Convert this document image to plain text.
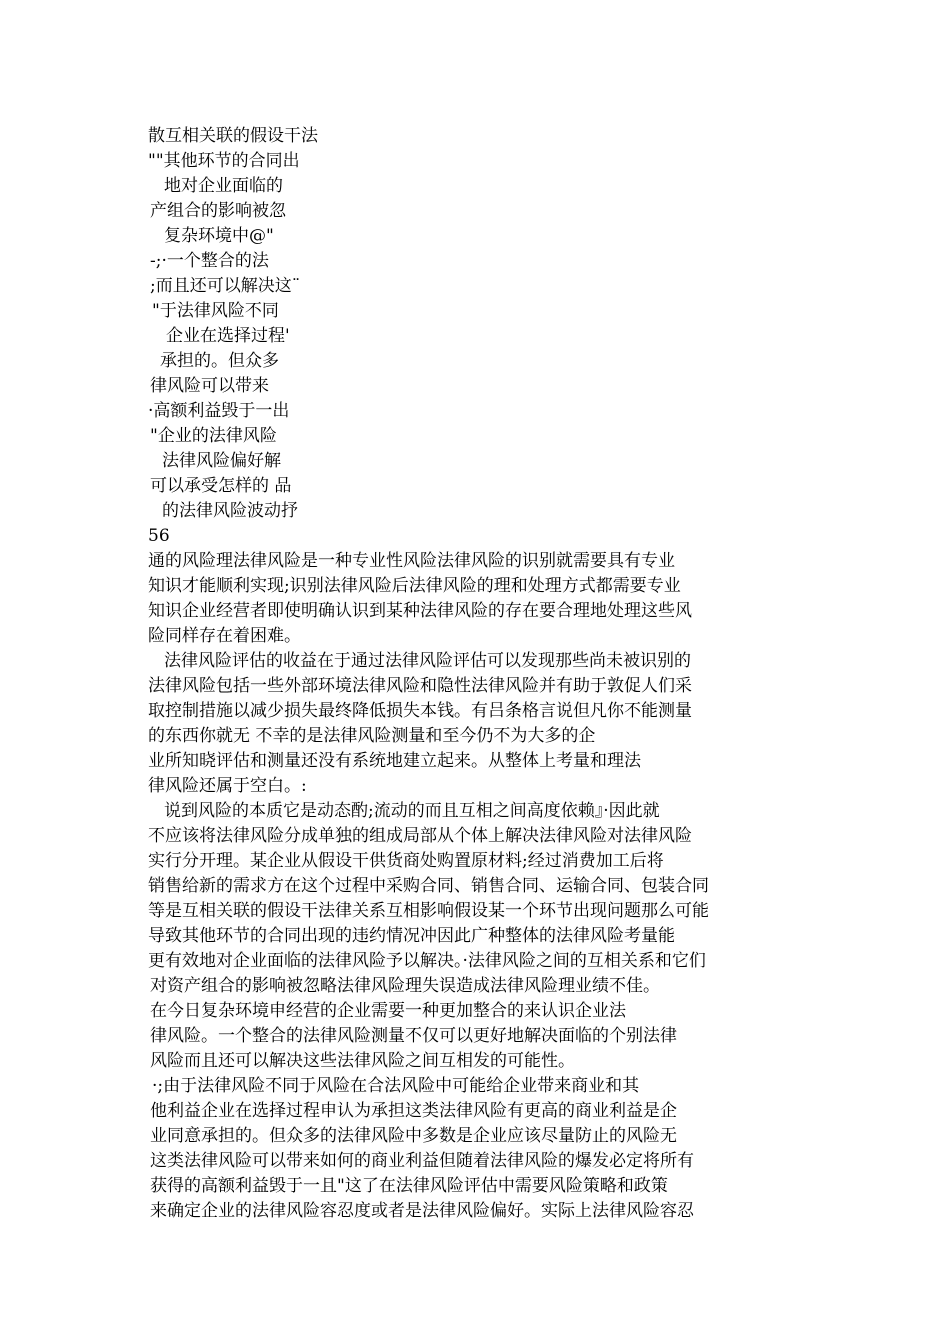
散互相关联的假设干法
""其他环节的合同出
地对企业面临的
产组合的影响被忽
复杂环境中@"
-;·一个整合的法
;而且还可以解决这¨
"于法律风险不同
企业在选择过程'
承担的。但众多
律风险可以带来
·高额利益毁于一出
"企业的法律风险
法律风险偏好解
可以承受怎样的 品
的法律风险波动抒
56
通的风险理法律风险是一种专业性风险法律风险的识别就需要具有专业
知识才能顺利实现;识别法律风险后法律风险的理和处理方式都需要专业
知识企业经营者即使明确认识到某种法律风险的存在要合理地处理这些风
险同样存在着困难。
法律风险评估的收益在于通过法律风险评估可以发现那些尚未被识别的
法律风险包括一些外部环境法律风险和隐性法律风险并有助于敦促人们采
取控制措施以减少损失最终降低损失本钱。有吕条格言说但凡你不能测量
的东西你就无 不幸的是法律风险测量和至今仍不为大多的企
业所知晓评估和测量还没有系统地建立起来。从整体上考量和理法
律风险还属于空白。:
说到风险的本质它是动态酌;流动的而且互相之间高度依赖』·因此就
不应该将法律风险分成单独的组成局部从个体上解决法律风险对法律风险
实行分开理。某企业从假设干供货商处购置原材料;经过消费加工后将
销售给新的需求方在这个过程中采购合同、销售合同、运输合同、包装合同
等是互相关联的假设干法律关系互相影响假设某一个环节出现问题那么可能
导致其他环节的合同出现的违约情况冲因此广种整体的法律风险考量能
更有效地对企业面临的法律风险予以解决。·法律风险之间的互相关系和它们
对资产组合的影响被忽略法律风险理失误造成法律风险理业绩不佳。
在今日复杂环境申经营的企业需要一种更加整合的来认识企业法
律风险。一个整合的法律风险测量不仅可以更好地解决面临的个别法律
风险而且还可以解决这些法律风险之间互相发的可能性。
·;由于法律风险不同于风险在合法风险中可能给企业带来商业和其
他利益企业在选择过程申认为承担这类法律风险有更高的商业利益是企
业同意承担的。但众多的法律风险中多数是企业应该尽量防止的风险无
这类法律风险可以带来如何的商业利益但随着法律风险的爆发必定将所有
获得的高额利益毁于一且"这了在法律风险评估中需要风险策略和政策
来确定企业的法律风险容忍度或者是法律风险偏好。实际上法律风险容忍
